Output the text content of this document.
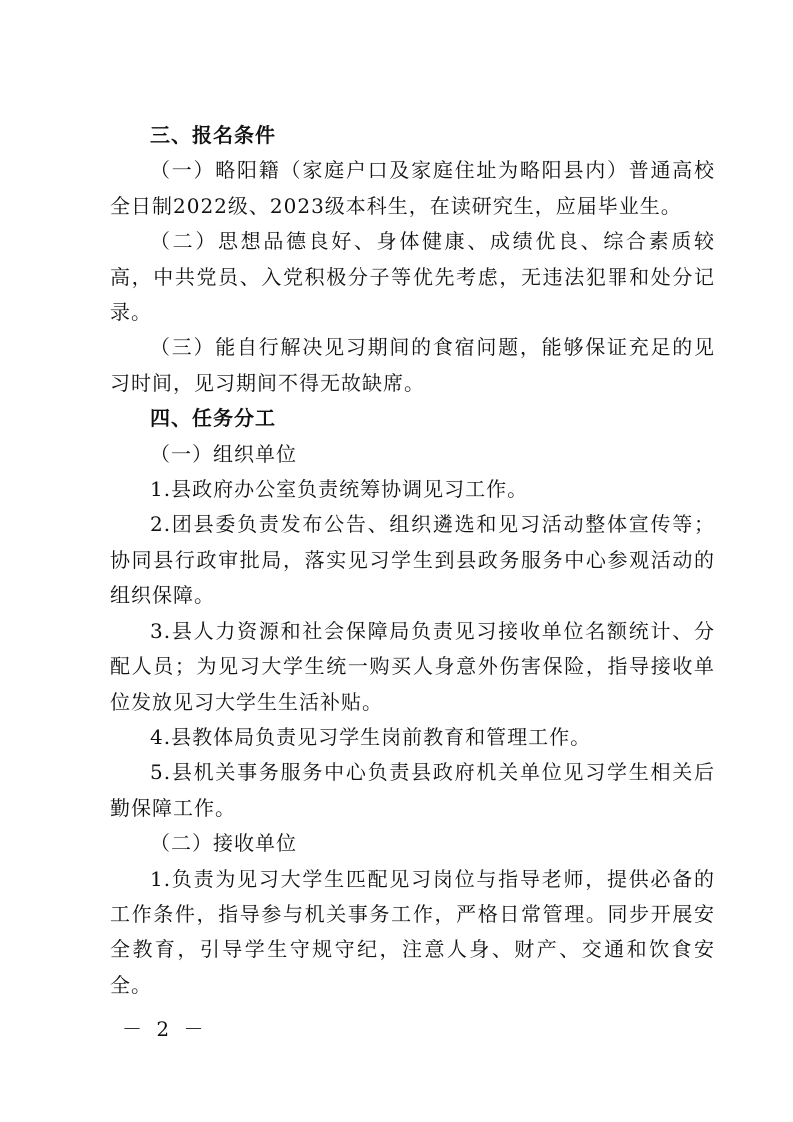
三、报名条件

（一）略阳籍（家庭户口及家庭住址为略阳县内）普通高校全日制2022级、2023级本科生，在读研究生，应届毕业生。

（二）思想品德良好、身体健康、成绩优良、综合素质较高，中共党员、入党积极分子等优先考虑，无违法犯罪和处分记录。

（三）能自行解决见习期间的食宿问题，能够保证充足的见习时间，见习期间不得无故缺席。

四、任务分工

（一）组织单位

1.县政府办公室负责统筹协调见习工作。

2.团县委负责发布公告、组织遴选和见习活动整体宣传等；协同县行政审批局，落实见习学生到县政务服务中心参观活动的组织保障。

3.县人力资源和社会保障局负责见习接收单位名额统计、分配人员；为见习大学生统一购买人身意外伤害保险，指导接收单位发放见习大学生生活补贴。

4.县教体局负责见习学生岗前教育和管理工作。

5.县机关事务服务中心负责县政府机关单位见习学生相关后勤保障工作。

（二）接收单位

1.负责为见习大学生匹配见习岗位与指导老师，提供必备的工作条件，指导参与机关事务工作，严格日常管理。同步开展安全教育，引导学生守规守纪，注意人身、财产、交通和饮食安全。

－ 2 －
